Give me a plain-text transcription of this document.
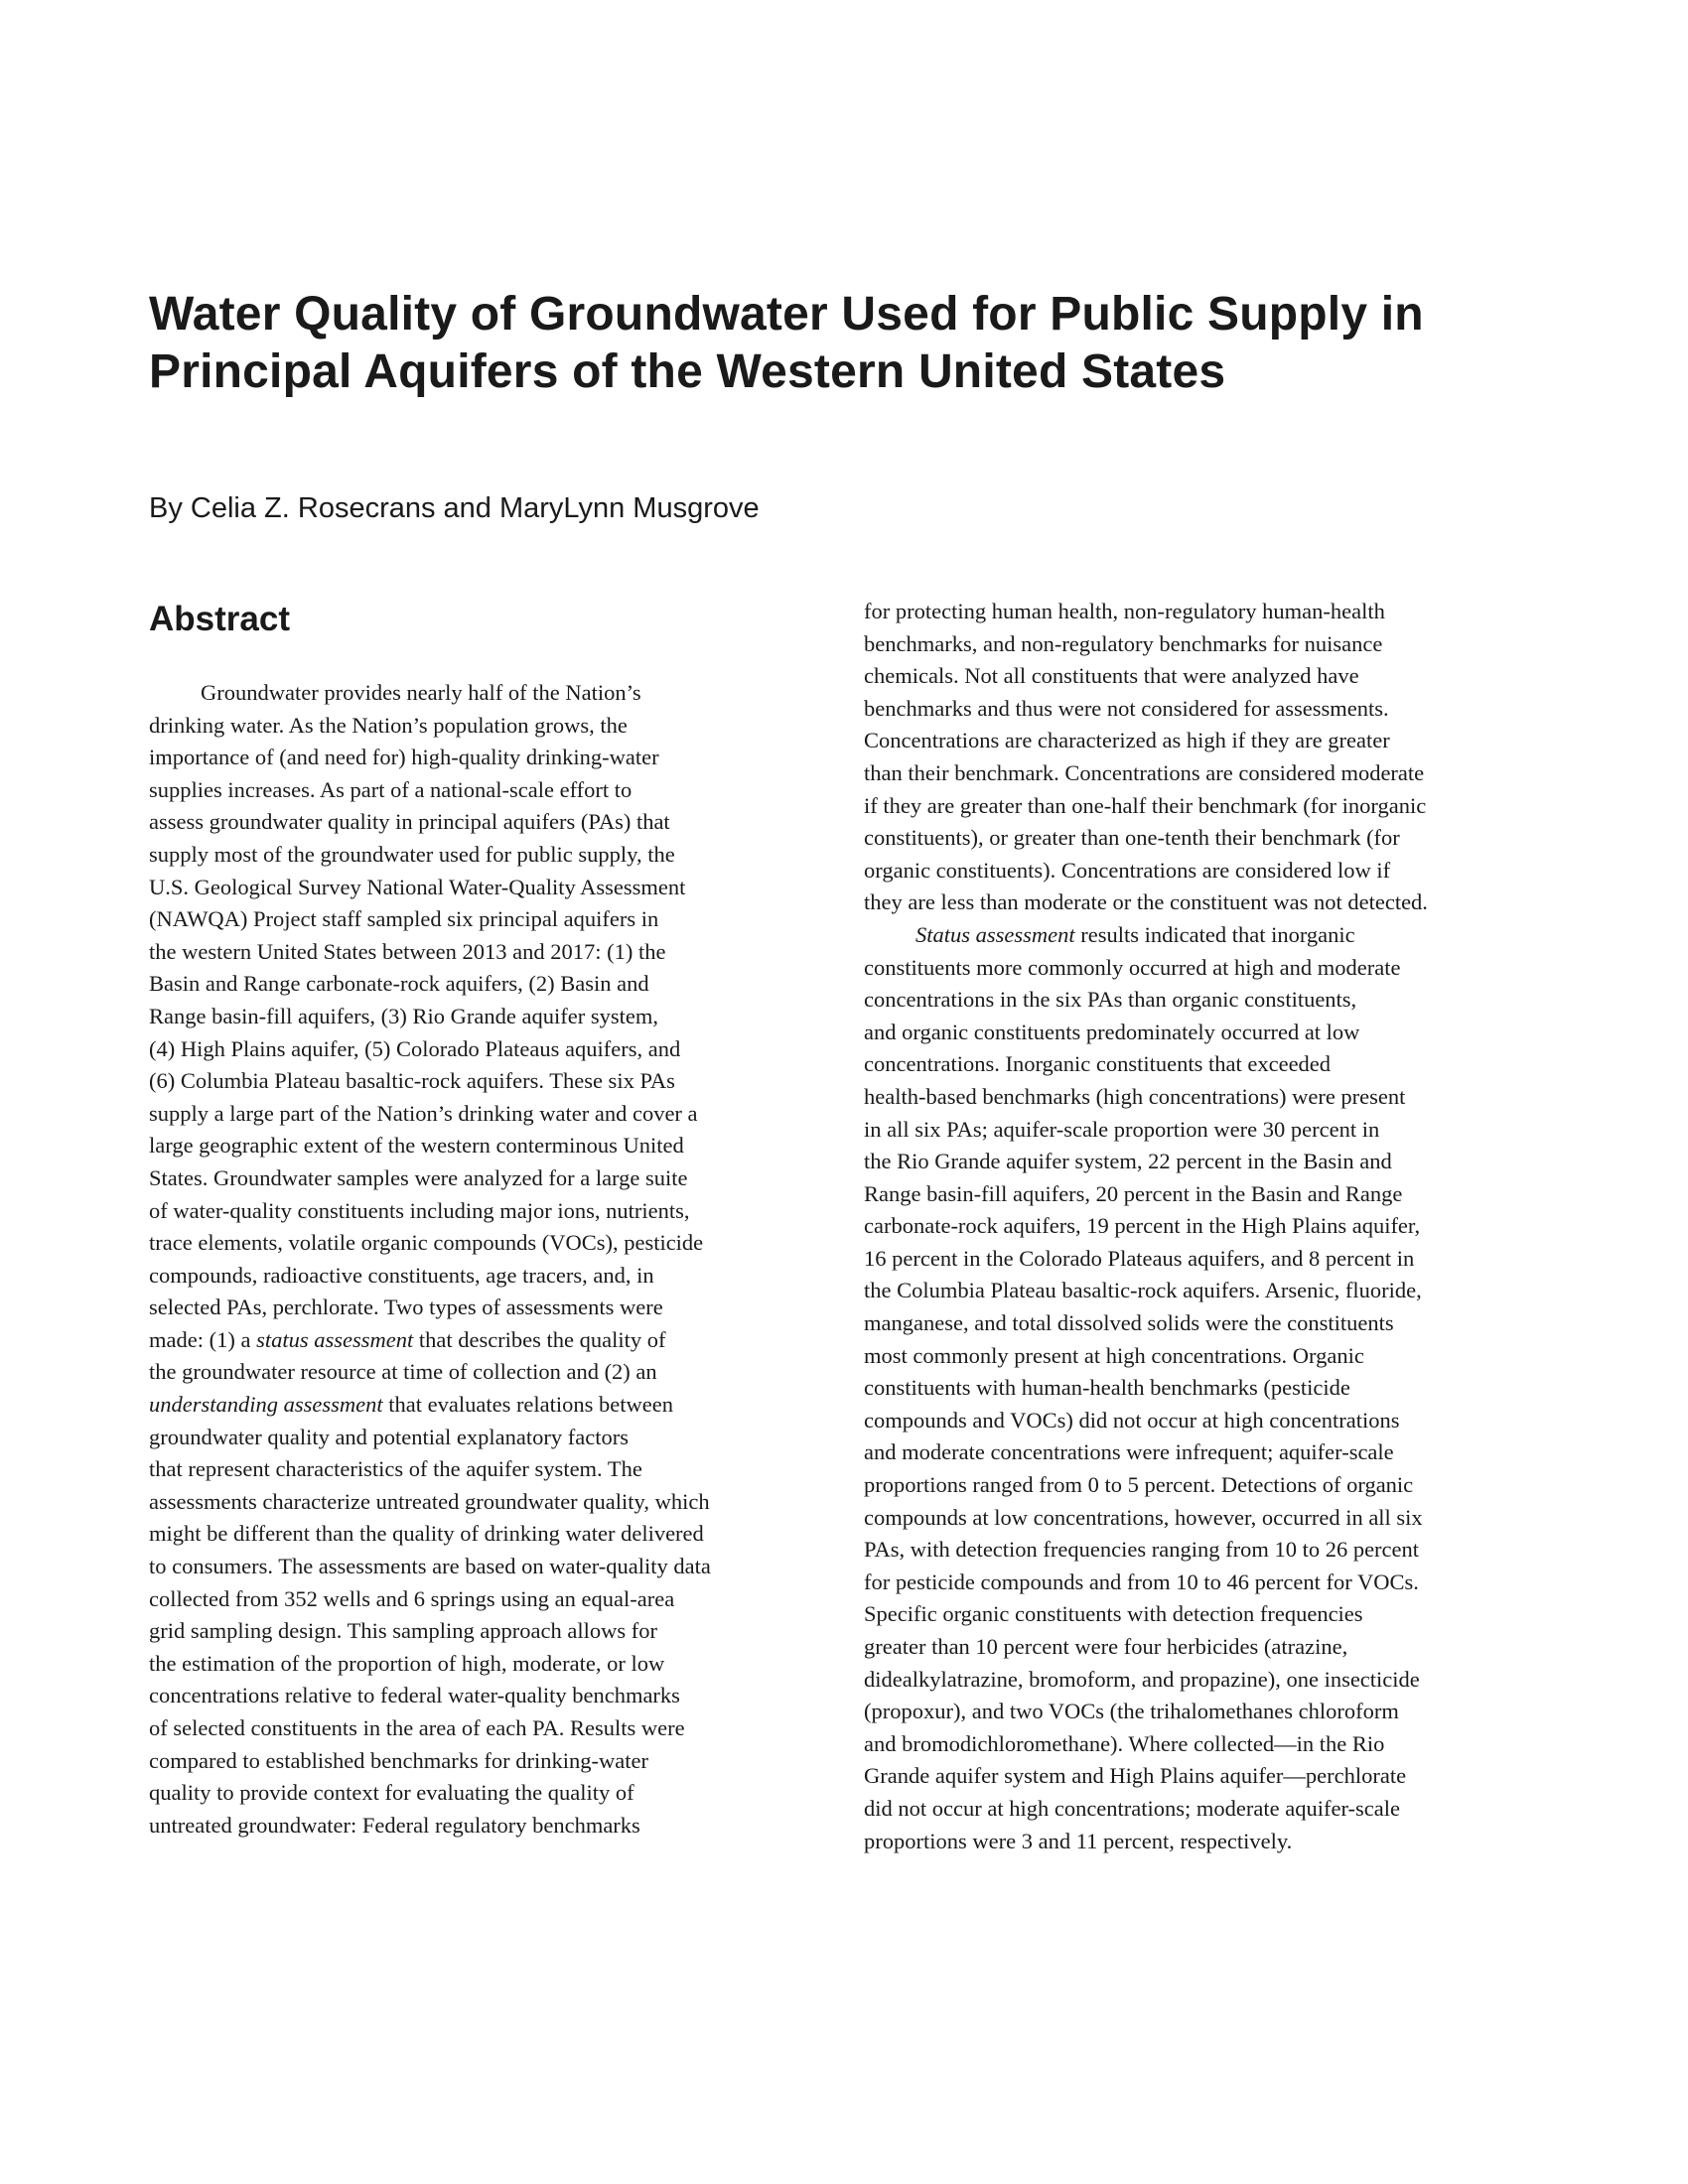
Water Quality of Groundwater Used for Public Supply in
Principal Aquifers of the Western United States
By Celia Z. Rosecrans and MaryLynn Musgrove
Abstract
Groundwater provides nearly half of the Nation’s
drinking water. As the Nation’s population grows, the
importance of (and need for) high-quality drinking-water
supplies increases. As part of a national-scale effort to
assess groundwater quality in principal aquifers (PAs) that
supply most of the groundwater used for public supply, the
U.S. Geological Survey National Water-Quality Assessment
(NAWQA) Project staff sampled six principal aquifers in
the western United States between 2013 and 2017: (1) the
Basin and Range carbonate-rock aquifers, (2) Basin and
Range basin-fill aquifers, (3) Rio Grande aquifer system,
(4) High Plains aquifer, (5) Colorado Plateaus aquifers, and
(6) Columbia Plateau basaltic-rock aquifers. These six PAs
supply a large part of the Nation’s drinking water and cover a
large geographic extent of the western conterminous United
States. Groundwater samples were analyzed for a large suite
of water-quality constituents including major ions, nutrients,
trace elements, volatile organic compounds (VOCs), pesticide
compounds, radioactive constituents, age tracers, and, in
selected PAs, perchlorate. Two types of assessments were
made: (1) a status assessment that describes the quality of
the groundwater resource at time of collection and (2) an
understanding assessment that evaluates relations between
groundwater quality and potential explanatory factors
that represent characteristics of the aquifer system. The
assessments characterize untreated groundwater quality, which
might be different than the quality of drinking water delivered
to consumers. The assessments are based on water-quality data
collected from 352 wells and 6 springs using an equal-area
grid sampling design. This sampling approach allows for
the estimation of the proportion of high, moderate, or low
concentrations relative to federal water-quality benchmarks
of selected constituents in the area of each PA. Results were
compared to established benchmarks for drinking-water
quality to provide context for evaluating the quality of
untreated groundwater: Federal regulatory benchmarks
for protecting human health, non-regulatory human-health
benchmarks, and non-regulatory benchmarks for nuisance
chemicals. Not all constituents that were analyzed have
benchmarks and thus were not considered for assessments.
Concentrations are characterized as high if they are greater
than their benchmark. Concentrations are considered moderate
if they are greater than one-half their benchmark (for inorganic
constituents), or greater than one-tenth their benchmark (for
organic constituents). Concentrations are considered low if
they are less than moderate or the constituent was not detected.
Status assessment results indicated that inorganic
constituents more commonly occurred at high and moderate
concentrations in the six PAs than organic constituents,
and organic constituents predominately occurred at low
concentrations. Inorganic constituents that exceeded
health-based benchmarks (high concentrations) were present
in all six PAs; aquifer-scale proportion were 30 percent in
the Rio Grande aquifer system, 22 percent in the Basin and
Range basin-fill aquifers, 20 percent in the Basin and Range
carbonate-rock aquifers, 19 percent in the High Plains aquifer,
16 percent in the Colorado Plateaus aquifers, and 8 percent in
the Columbia Plateau basaltic-rock aquifers. Arsenic, fluoride,
manganese, and total dissolved solids were the constituents
most commonly present at high concentrations. Organic
constituents with human-health benchmarks (pesticide
compounds and VOCs) did not occur at high concentrations
and moderate concentrations were infrequent; aquifer-scale
proportions ranged from 0 to 5 percent. Detections of organic
compounds at low concentrations, however, occurred in all six
PAs, with detection frequencies ranging from 10 to 26 percent
for pesticide compounds and from 10 to 46 percent for VOCs.
Specific organic constituents with detection frequencies
greater than 10 percent were four herbicides (atrazine,
didealkylatrazine, bromoform, and propazine), one insecticide
(propoxur), and two VOCs (the trihalomethanes chloroform
and bromodichloromethane). Where collected—in the Rio
Grande aquifer system and High Plains aquifer—perchlorate
did not occur at high concentrations; moderate aquifer-scale
proportions were 3 and 11 percent, respectively.
